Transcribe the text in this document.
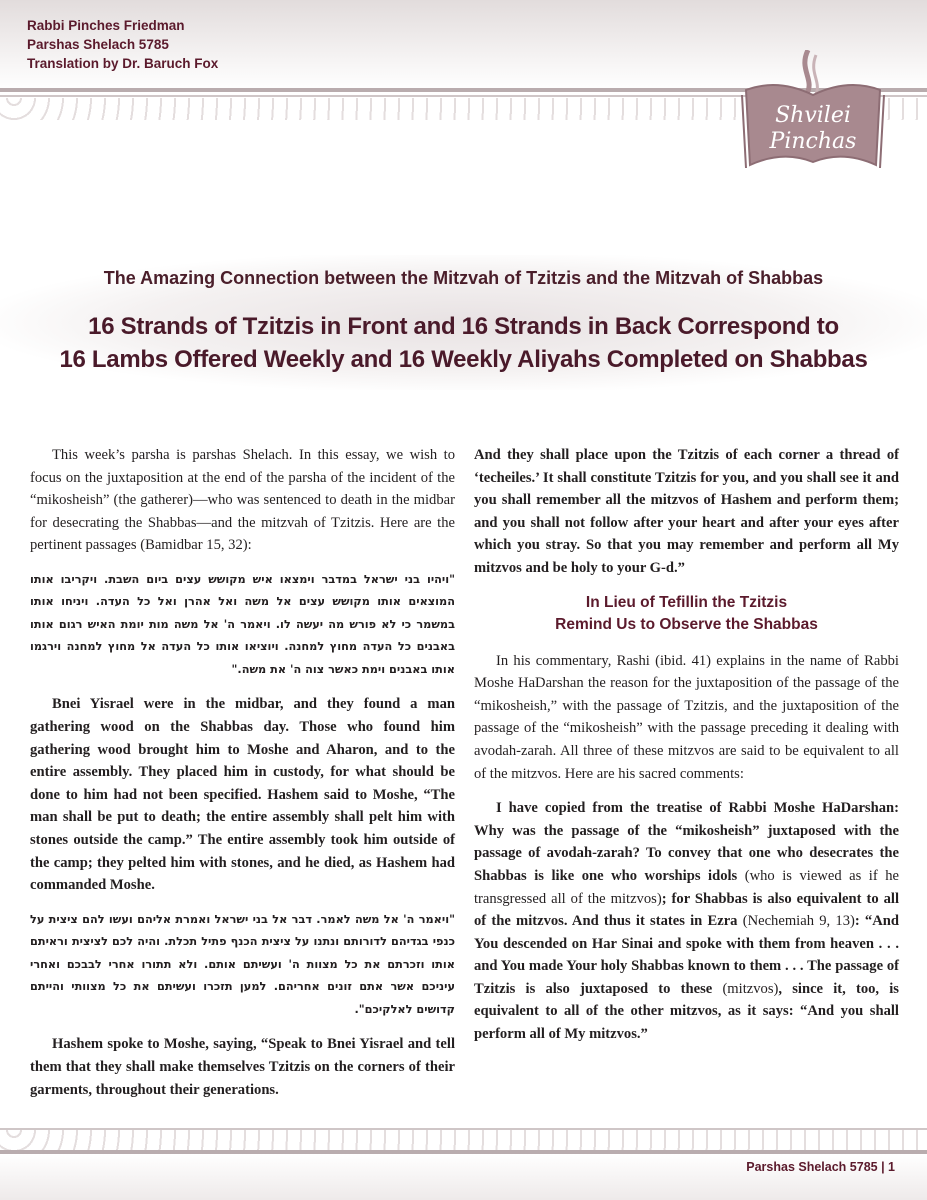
Rabbi Pinches Friedman
Parshas Shelach 5785
Translation by Dr. Baruch Fox
Shvilei
Pinchas
The Amazing Connection between the Mitzvah of Tzitzis and the Mitzvah of Shabbas
16 Strands of Tzitzis in Front and 16 Strands in Back Correspond to
16 Lambs Offered Weekly and 16 Weekly Aliyahs Completed on Shabbas

This week’s parsha is parshas Shelach. In this essay, we wish to focus on the juxtaposition at the end of the parsha of the incident of the “mikosheish” (the gatherer)—who was sentenced to death in the midbar for desecrating the Shabbas—and the mitzvah of Tzitzis. Here are the pertinent passages (Bamidbar 15, 32):

"ויהיו בני ישראל במדבר וימצאו איש מקושש עצים ביום השבת. ויקריבו אותו המוצאים אותו מקושש עצים אל משה ואל אהרן ואל כל העדה. ויניחו אותו במשמר כי לא פורש מה יעשה לו. ויאמר ה' אל משה מות יומת האיש רגום אותו באבנים כל העדה מחוץ למחנה. ויוציאו אותו כל העדה אל מחוץ למחנה וירגמו אותו באבנים וימת כאשר צוה ה' את משה."

Bnei Yisrael were in the midbar, and they found a man gathering wood on the Shabbas day. Those who found him gathering wood brought him to Moshe and Aharon, and to the entire assembly. They placed him in custody, for what should be done to him had not been specified. Hashem said to Moshe, “The man shall be put to death; the entire assembly shall pelt him with stones outside the camp.” The entire assembly took him outside of the camp; they pelted him with stones, and he died, as Hashem had commanded Moshe.

"ויאמר ה' אל משה לאמר. דבר אל בני ישראל ואמרת אליהם ועשו להם ציצית על כנפי בגדיהם לדורותם ונתנו על ציצית הכנף פתיל תכלת. והיה לכם לציצית וראיתם אותו וזכרתם את כל מצוות ה' ועשיתם אותם. ולא תתורו אחרי לבבכם ואחרי עיניכם אשר אתם זונים אחריהם. למען תזכרו ועשיתם את כל מצוותי והייתם קדושים לאלקיכם".

Hashem spoke to Moshe, saying, “Speak to Bnei Yisrael and tell them that they shall make themselves Tzitzis on the corners of their garments, throughout their generations.

And they shall place upon the Tzitzis of each corner a thread of ‘techeiles.’ It shall constitute Tzitzis for you, and you shall see it and you shall remember all the mitzvos of Hashem and perform them; and you shall not follow after your heart and after your eyes after which you stray. So that you may remember and perform all My mitzvos and be holy to your G-d.”

In Lieu of Tefillin the Tzitzis
Remind Us to Observe the Shabbas

In his commentary, Rashi (ibid. 41) explains in the name of Rabbi Moshe HaDarshan the reason for the juxtaposition of the passage of the “mikosheish,” with the passage of Tzitzis, and the juxtaposition of the passage of the “mikosheish” with the passage preceding it dealing with avodah-zarah. All three of these mitzvos are said to be equivalent to all of the mitzvos. Here are his sacred comments:

I have copied from the treatise of Rabbi Moshe HaDarshan: Why was the passage of the “mikosheish” juxtaposed with the passage of avodah-zarah? To convey that one who desecrates the Shabbas is like one who worships idols (who is viewed as if he transgressed all of the mitzvos); for Shabbas is also equivalent to all of the mitzvos. And thus it states in Ezra (Nechemiah 9, 13): “And You descended on Har Sinai and spoke with them from heaven . . . and You made Your holy Shabbas known to them . . . The passage of Tzitzis is also juxtaposed to these (mitzvos), since it, too, is equivalent to all of the other mitzvos, as it says: “And you shall perform all of My mitzvos.”

Parshas Shelach 5785 | 1
